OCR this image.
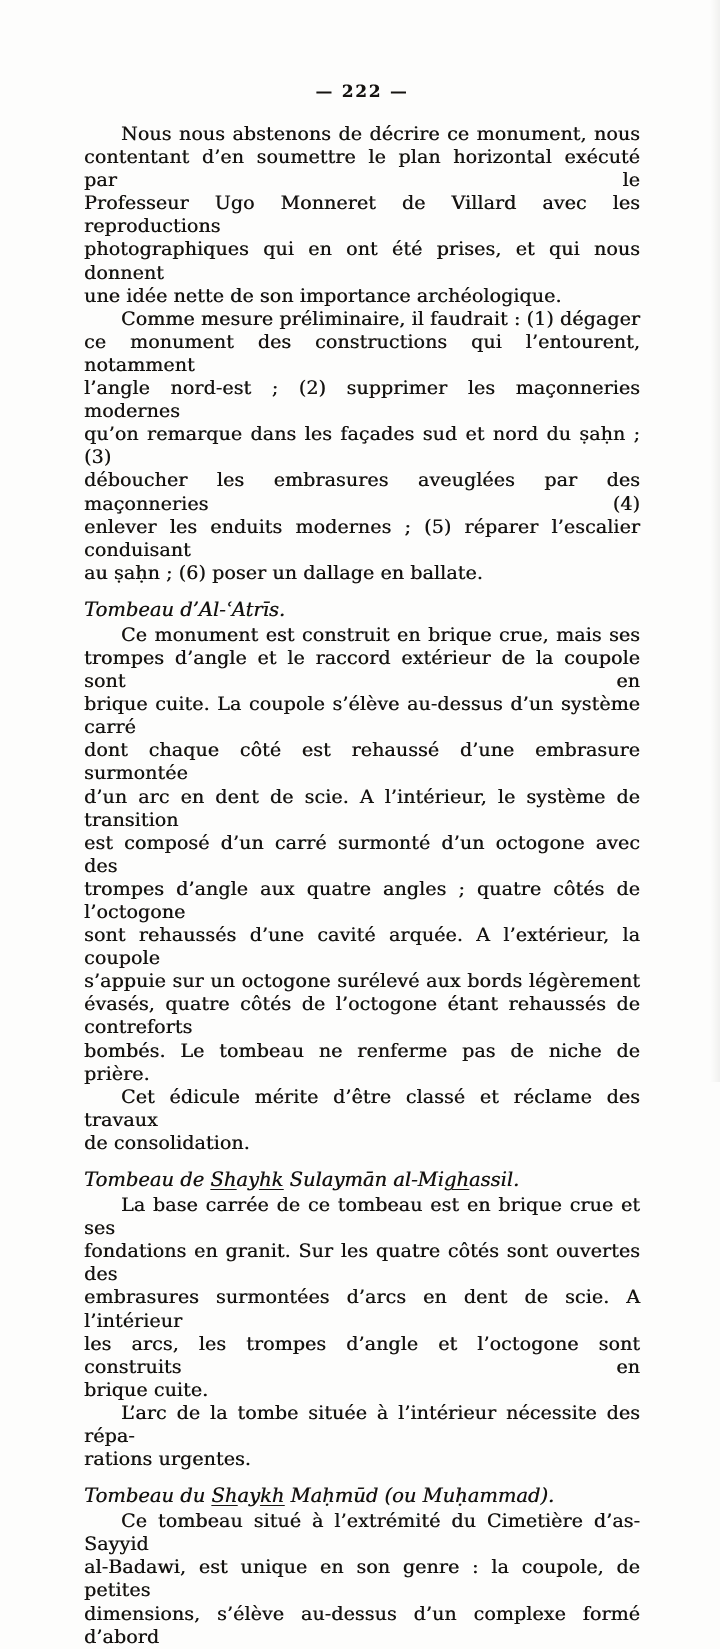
— 222 —
Nous nous abstenons de décrire ce monument, nous
contentant d’en soumettre le plan horizontal exécuté par le
Professeur Ugo Monneret de Villard avec les reproductions
photographiques qui en ont été prises, et qui nous donnent
une idée nette de son importance archéologique.
Comme mesure préliminaire, il faudrait : (1) dégager
ce monument des constructions qui l’entourent, notamment
l’angle nord-est ; (2) supprimer les maçonneries modernes
qu’on remarque dans les façades sud et nord du ṣaḥn ; (3)
déboucher les embrasures aveuglées par des maçonneries (4)
enlever les enduits modernes ; (5) réparer l’escalier conduisant
au ṣaḥn ; (6) poser un dallage en ballate.
Tombeau d’Al-ʿAtrīs.
Ce monument est construit en brique crue, mais ses
trompes d’angle et le raccord extérieur de la coupole sont en
brique cuite. La coupole s’élève au-dessus d’un système carré
dont chaque côté est rehaussé d’une embrasure surmontée
d’un arc en dent de scie. A l’intérieur, le système de transition
est composé d’un carré surmonté d’un octogone avec des
trompes d’angle aux quatre angles ; quatre côtés de l’octogone
sont rehaussés d’une cavité arquée. A l’extérieur, la coupole
s’appuie sur un octogone surélevé aux bords légèrement
évasés, quatre côtés de l’octogone étant rehaussés de contreforts
bombés. Le tombeau ne renferme pas de niche de prière.
Cet édicule mérite d’être classé et réclame des travaux
de consolidation.
Tombeau de Shayhk Sulaymān al-Mighassil.
La base carrée de ce tombeau est en brique crue et ses
fondations en granit. Sur les quatre côtés sont ouvertes des
embrasures surmontées d’arcs en dent de scie. A l’intérieur
les arcs, les trompes d’angle et l’octogone sont construits en
brique cuite.
L’arc de la tombe située à l’intérieur nécessite des répa-
rations urgentes.
Tombeau du Shaykh Maḥmūd (ou Muḥammad).
Ce tombeau situé à l’extrémité du Cimetière d’as-Sayyid
al-Badawi, est unique en son genre : la coupole, de petites
dimensions, s’élève au-dessus d’un complexe formé d’abord
